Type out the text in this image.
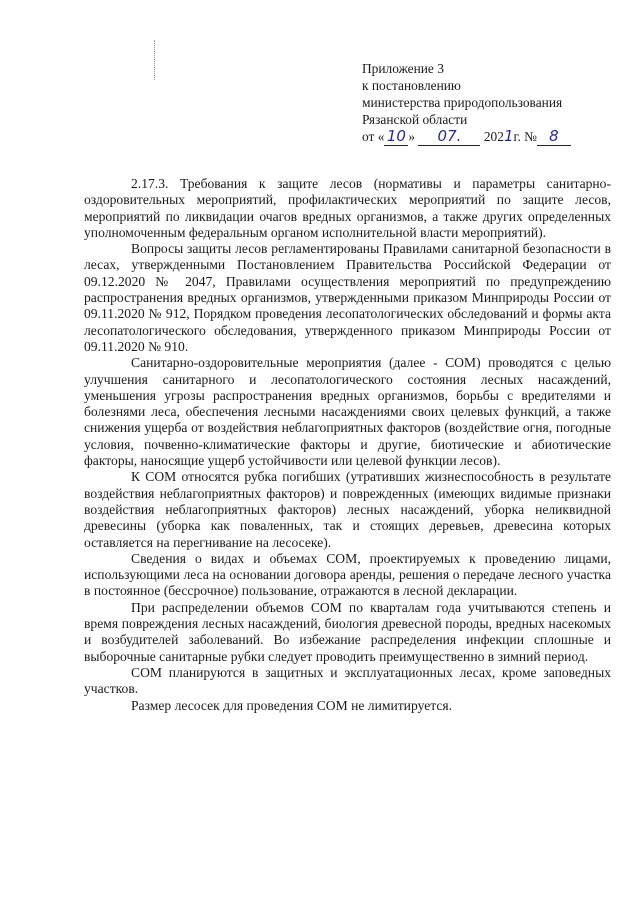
Приложение 3
к постановлению
министерства природопользования
Рязанской области
от « 10 » 07. 2021г. № 8

2.17.3. Требования к защите лесов (нормативы и параметры санитарно-оздоровительных мероприятий, профилактических мероприятий по защите лесов, мероприятий по ликвидации очагов вредных организмов, а также других определенных уполномоченным федеральным органом исполнительной власти мероприятий).

Вопросы защиты лесов регламентированы Правилами санитарной безопасности в лесах, утвержденными Постановлением Правительства Российской Федерации от 09.12.2020 № 2047, Правилами осуществления мероприятий по предупреждению распространения вредных организмов, утвержденными приказом Минприроды России от 09.11.2020 № 912, Порядком проведения лесопатологических обследований и формы акта лесопатологического обследования, утвержденного приказом Минприроды России от 09.11.2020 № 910.

Санитарно-оздоровительные мероприятия (далее - СОМ) проводятся с целью улучшения санитарного и лесопатологического состояния лесных насаждений, уменьшения угрозы распространения вредных организмов, борьбы с вредителями и болезнями леса, обеспечения лесными насаждениями своих целевых функций, а также снижения ущерба от воздействия неблагоприятных факторов (воздействие огня, погодные условия, почвенно-климатические факторы и другие, биотические и абиотические факторы, наносящие ущерб устойчивости или целевой функции лесов).

К СОМ относятся рубка погибших (утративших жизнеспособность в результате воздействия неблагоприятных факторов) и поврежденных (имеющих видимые признаки воздействия неблагоприятных факторов) лесных насаждений, уборка неликвидной древесины (уборка как поваленных, так и стоящих деревьев, древесина которых оставляется на перегнивание на лесосеке).

Сведения о видах и объемах СОМ, проектируемых к проведению лицами, использующими леса на основании договора аренды, решения о передаче лесного участка в постоянное (бессрочное) пользование, отражаются в лесной декларации.

При распределении объемов СОМ по кварталам года учитываются степень и время повреждения лесных насаждений, биология древесной породы, вредных насекомых и возбудителей заболеваний. Во избежание распределения инфекции сплошные и выборочные санитарные рубки следует проводить преимущественно в зимний период.

СОМ планируются в защитных и эксплуатационных лесах, кроме заповедных участков.

Размер лесосек для проведения СОМ не лимитируется.
